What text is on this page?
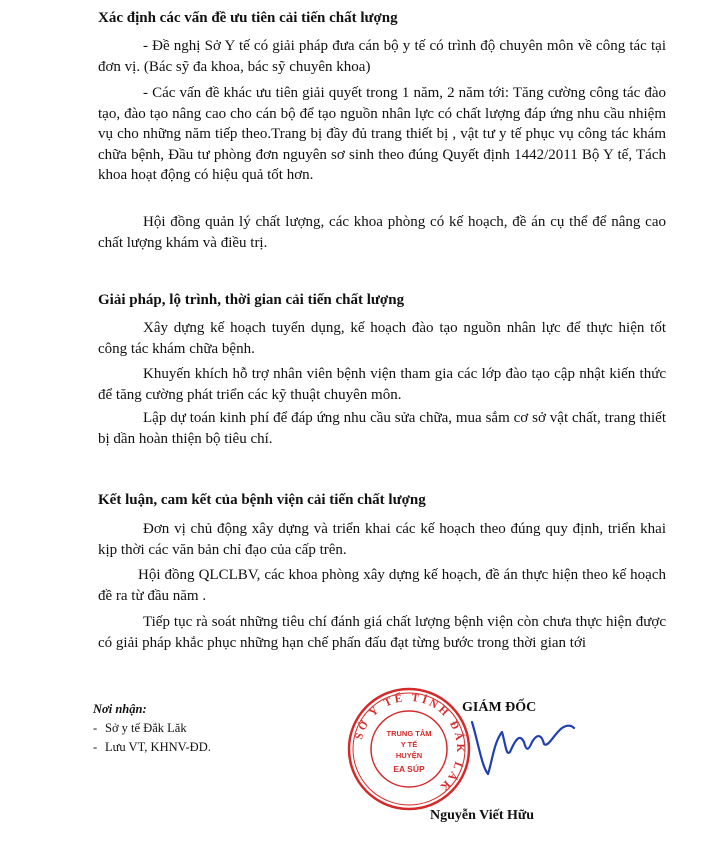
Xác định các vấn đề ưu tiên cải tiến chất lượng

- Đề nghị Sở Y tế có giải pháp đưa cán bộ y tế có trình độ chuyên môn về công tác tại đơn vị. (Bác sỹ đa khoa, bác sỹ chuyên khoa)

- Các vấn đề khác ưu tiên giải quyết trong 1 năm, 2 năm tới: Tăng cường công tác đào tạo, đào tạo nâng cao cho cán bộ để tạo nguồn nhân lực có chất lượng đáp ứng nhu cầu nhiệm vụ cho những năm tiếp theo.Trang bị đầy đủ trang thiết bị , vật tư y tế phục vụ công tác khám chữa bệnh, Đầu tư phòng đơn nguyên sơ sinh theo đúng Quyết định 1442/2011 Bộ Y tế, Tách khoa hoạt động có hiệu quả tốt hơn.

Hội đồng quản lý chất lượng, các khoa phòng có kế hoạch, đề án cụ thể để nâng cao chất lượng khám và điều trị.

Giải pháp, lộ trình, thời gian cải tiến chất lượng

Xây dựng kế hoạch tuyển dụng, kế hoạch đào tạo nguồn nhân lực để thực hiện tốt công tác khám chữa bệnh.

Khuyến khích hỗ trợ nhân viên bệnh viện tham gia các lớp đào tạo cập nhật kiến thức để tăng cường phát triển các kỹ thuật chuyên môn.

Lập dự toán kinh phí để đáp ứng nhu cầu sửa chữa, mua sắm cơ sở vật chất, trang thiết bị dần hoàn thiện bộ tiêu chí.

Kết luận, cam kết của bệnh viện cải tiến chất lượng

Đơn vị chủ động xây dựng và triển khai các kế hoạch theo đúng quy định, triển khai kịp thời các văn bản chỉ đạo của cấp trên.

Hội đồng QLCLBV, các khoa phòng xây dựng kế hoạch, đề án thực hiện theo kế hoạch đề ra từ đầu năm .

Tiếp tục rà soát những tiêu chí đánh giá chất lượng bệnh viện còn chưa thực hiện được có giải pháp khắc phục những hạn chế phấn đấu đạt từng bước trong thời gian tới

Nơi nhận:
- Sở y tế Đắk Lăk
- Lưu VT, KHNV-ĐD.
SỞ Y TẾ TỈNH ĐẮK LẮK
TRUNG TÂM
Y TẾ
HUYỆN
EA SÚP
GIÁM ĐỐC
Nguyễn Viết Hữu
